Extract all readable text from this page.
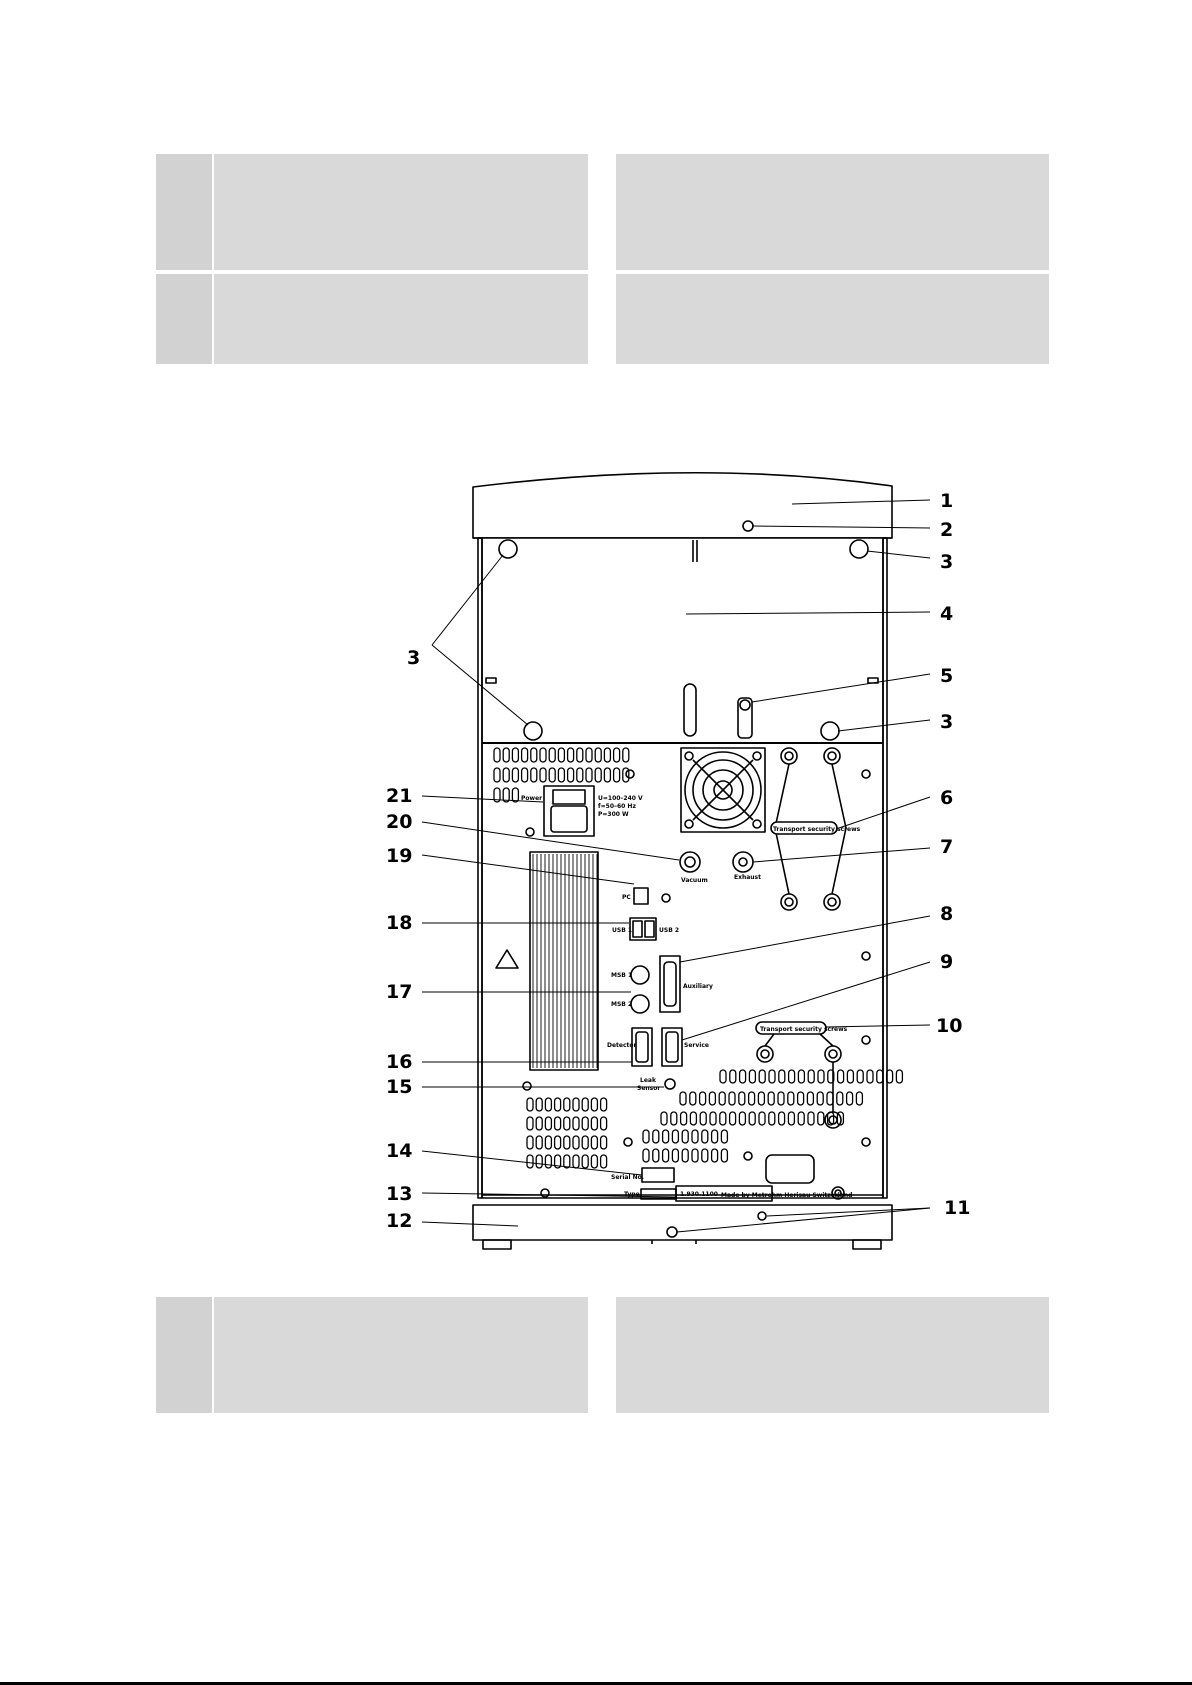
1
2
3
4
5
3
3
6
7
8
9
10
11
12
13
14
15
16
17
18
19
20
21	Power	U=100–240 V
f=50–60 Hz
P=300 W
Vacuum	Exhaust
Transport security screws
Transport security screws
PC
USB 1	USB 2
MSB 1
MSB 2
Auxiliary
Detector	Service
Leak
Sensor
Serial No.
Type	1.930.1100 Made by Metrohm Herisau Switzerland
